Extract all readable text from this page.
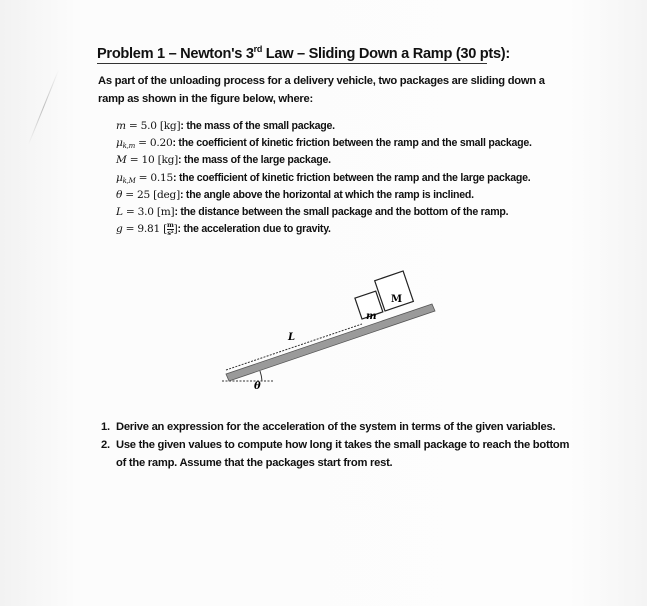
Problem 1 – Newton's 3rd Law – Sliding Down a Ramp (30 pts):
As part of the unloading process for a delivery vehicle, two packages are sliding down a ramp as shown in the figure below, where:
m = 5.0 [kg]: the mass of the small package.
$\mu_{k,m} = 0.20$: the coefficient of kinetic friction between the ramp and the small package.
M = 10 [kg]: the mass of the large package.
$\mu_{k,M} = 0.15$: the coefficient of kinetic friction between the ramp and the large package.
θ = 25 [deg]: the angle above the horizontal at which the ramp is inclined.
L = 3.0 [m]: the distance between the small package and the bottom of the ramp.
g = 9.81 [ $\frac{m}{\text{s²}}$ ]: the acceleration due to gravity.
L
m
M
θ
1. Derive an expression for the acceleration of the system in terms of the given variables.
2. Use the given values to compute how long it takes the small package to reach the bottom of the ramp. Assume that the packages start from rest.
